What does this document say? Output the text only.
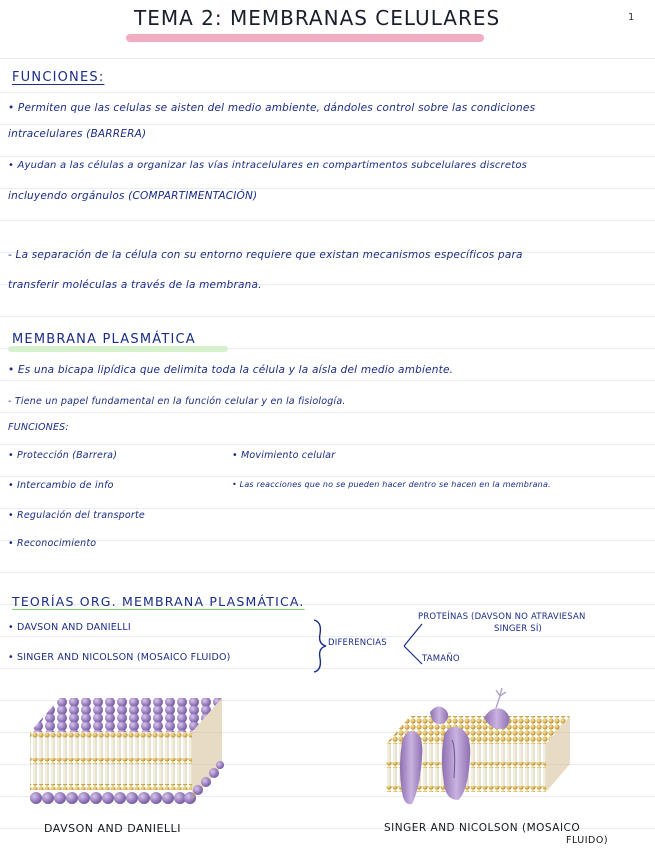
TEMA 2: MEMBRANAS CELULARES	1
FUNCIONES:
• Permiten que las celulas se aisten del medio ambiente, dándoles control sobre las condiciones
intracelulares (BARRERA)
• Ayudan a las células a organizar las vías intracelulares en compartimentos subcelulares discretos
incluyendo orgánulos (COMPARTIMENTACIÓN)
- La separación de la célula con su entorno requiere que existan mecanismos específicos para
transferir moléculas a través de la membrana.
MEMBRANA PLASMÁTICA
• Es una bicapa lipídica que delimita toda la célula y la aísla del medio ambiente.
- Tiene un papel fundamental en la función celular y en la fisiología.
FUNCIONES:
• Protección (Barrera)
• Intercambio de info
• Regulación del transporte
• Reconocimiento
• Movimiento celular
• Las reacciones que no se pueden hacer dentro se hacen en la membrana.
TEORÍAS ORG. MEMBRANA PLASMÁTICA.
• DAVSON AND DANIELLI
• SINGER AND NICOLSON (MOSAICO FLUIDO)
DIFERENCIAS
PROTEÍNAS (DAVSON NO ATRAVIESAN
SINGER SÍ)
TAMAÑO
DAVSON AND DANIELLI	SINGER AND NICOLSON (MOSAICO
FLUIDO)
